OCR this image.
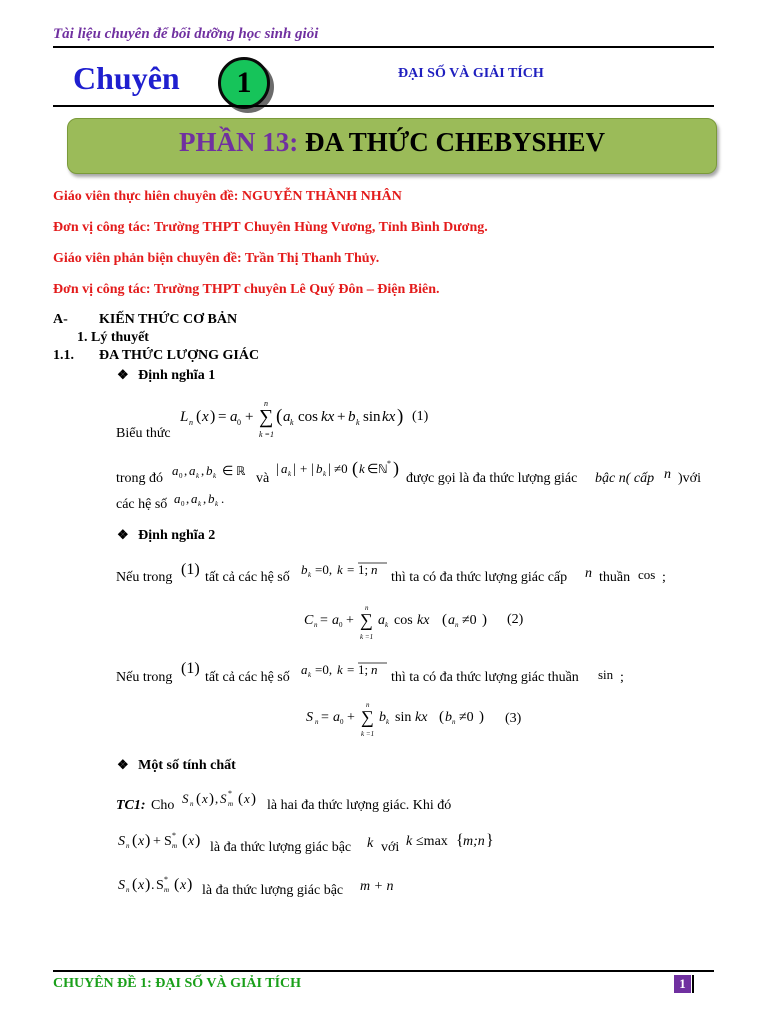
Tài liệu chuyên để bối dưỡng học sinh giỏi
Chuyên	1	ĐẠI SỐ VÀ GIẢI TÍCH
PHẦN 13: ĐA THỨC CHEBYSHEV
Giáo viên thực hiên chuyên đề: NGUYỄN THÀNH NHÂN
Đơn vị công tác: Trường THPT Chuyên Hùng Vương, Tỉnh Bình Dương.
Giáo viên phản biện chuyên đề: Trần Thị Thanh Thủy.
Đơn vị công tác: Trường THPT chuyên Lê Quý Đôn – Điện Biên.
A- KIẾN THỨC CƠ BẢN
1. Lý thuyết
1.1. ĐA THỨC LƯỢNG GIÁC
❖ Định nghĩa 1
L n ( x ) = a 0 + ∑
n
k =1
( a k cos kx + b k sin kx ) (1)
Biểu thức
trong đó
a 0 , a k , b k ∈ ℝ và
| a k | + | b k | ≠0 ( k ∈ ℕ * )
được gọi là đa thức lượng giác bậc n( cấp n )với
các hệ số a 0 , a k , b k .
❖ Định nghĩa 2
Nếu trong (1) tất cả các hệ số
b k =0, k = 1; n
thì ta có đa thức lượng giác cấp n thuần cos ;
C n = a 0 + ∑
n
k =1
a k cos kx ( a n ≠0 ) (2)
Nếu trong
(1)
tất cả các hệ số
a k =0, k = 1; n
thì ta có đa thức lượng giác thuần sin ;
S n = a 0 + ∑
n
k =1
b k sin kx ( b n ≠0 ) (3)
❖ Một số tính chất
TC1: Cho S n ( x ) , S *
m ( x ) là hai đa thức lượng giác. Khi đó
S n ( x ) + S *
m ( x ) là đa thức lượng giác bậc k với k ≤max { m;n }
S n ( x ) . S *
m ( x ) là đa thức lượng giác bậc m + n
CHUYÊN ĐỀ 1: ĐẠI SỐ VÀ GIẢI TÍCH	1
